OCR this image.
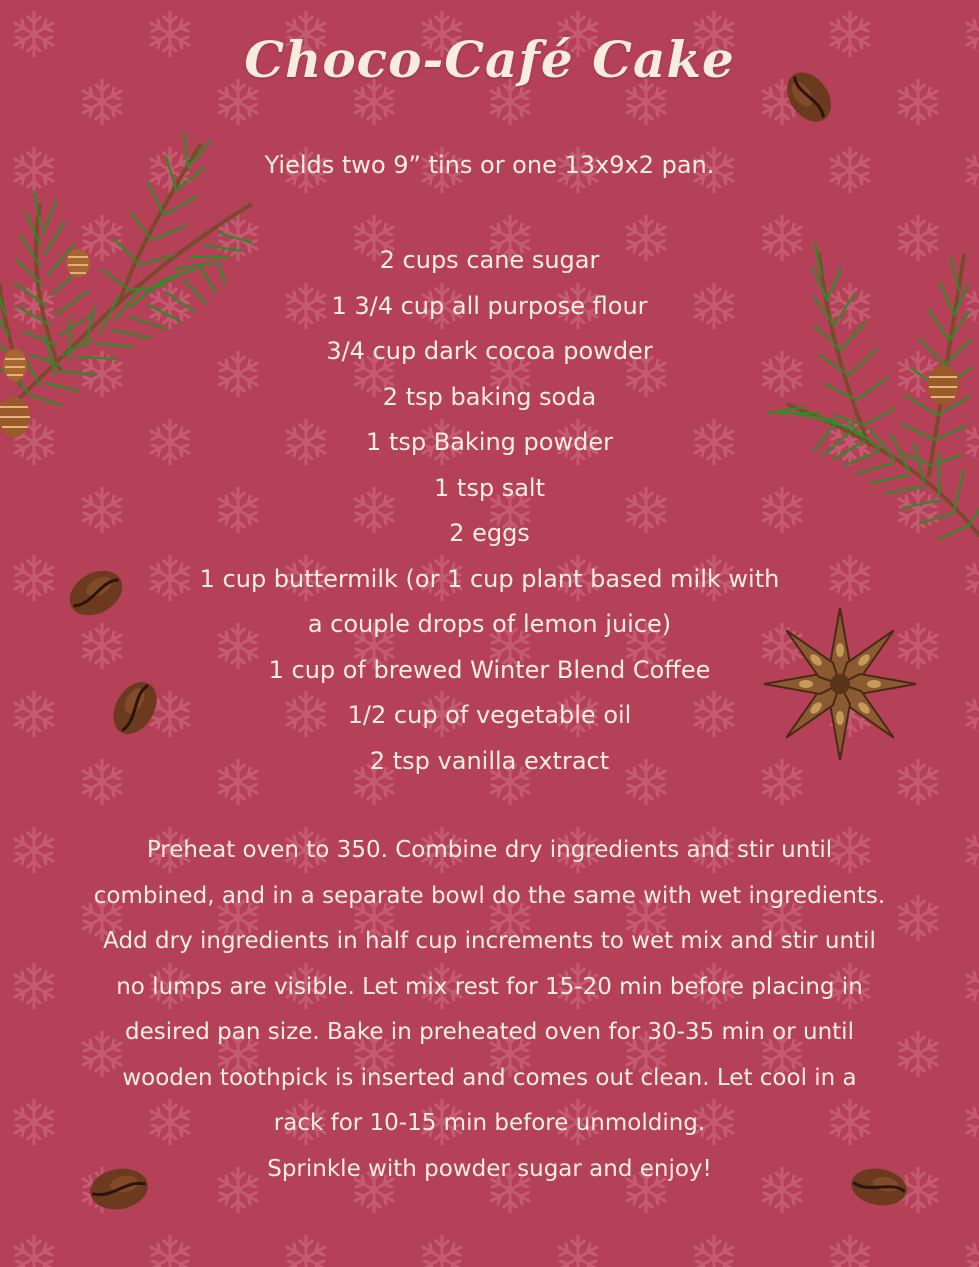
Choco-Café Cake
Yields two 9” tins or one 13x9x2 pan.
2 cups cane sugar
1 3/4 cup all purpose flour
3/4 cup dark cocoa powder
2 tsp baking soda
1 tsp Baking powder
1 tsp salt
2 eggs
1 cup buttermilk (or 1 cup plant based milk with
a couple drops of lemon juice)
1 cup of brewed Winter Blend Coffee
1/2 cup of vegetable oil
2 tsp vanilla extract
Preheat oven to 350. Combine dry ingredients and stir until
combined, and in a separate bowl do the same with wet ingredients.
Add dry ingredients in half cup increments to wet mix and stir until
no lumps are visible. Let mix rest for 15-20 min before placing in
desired pan size. Bake in preheated oven for 30-35 min or until
wooden toothpick is inserted and comes out clean. Let cool in a
rack for 10-15 min before unmolding.
Sprinkle with powder sugar and enjoy!
